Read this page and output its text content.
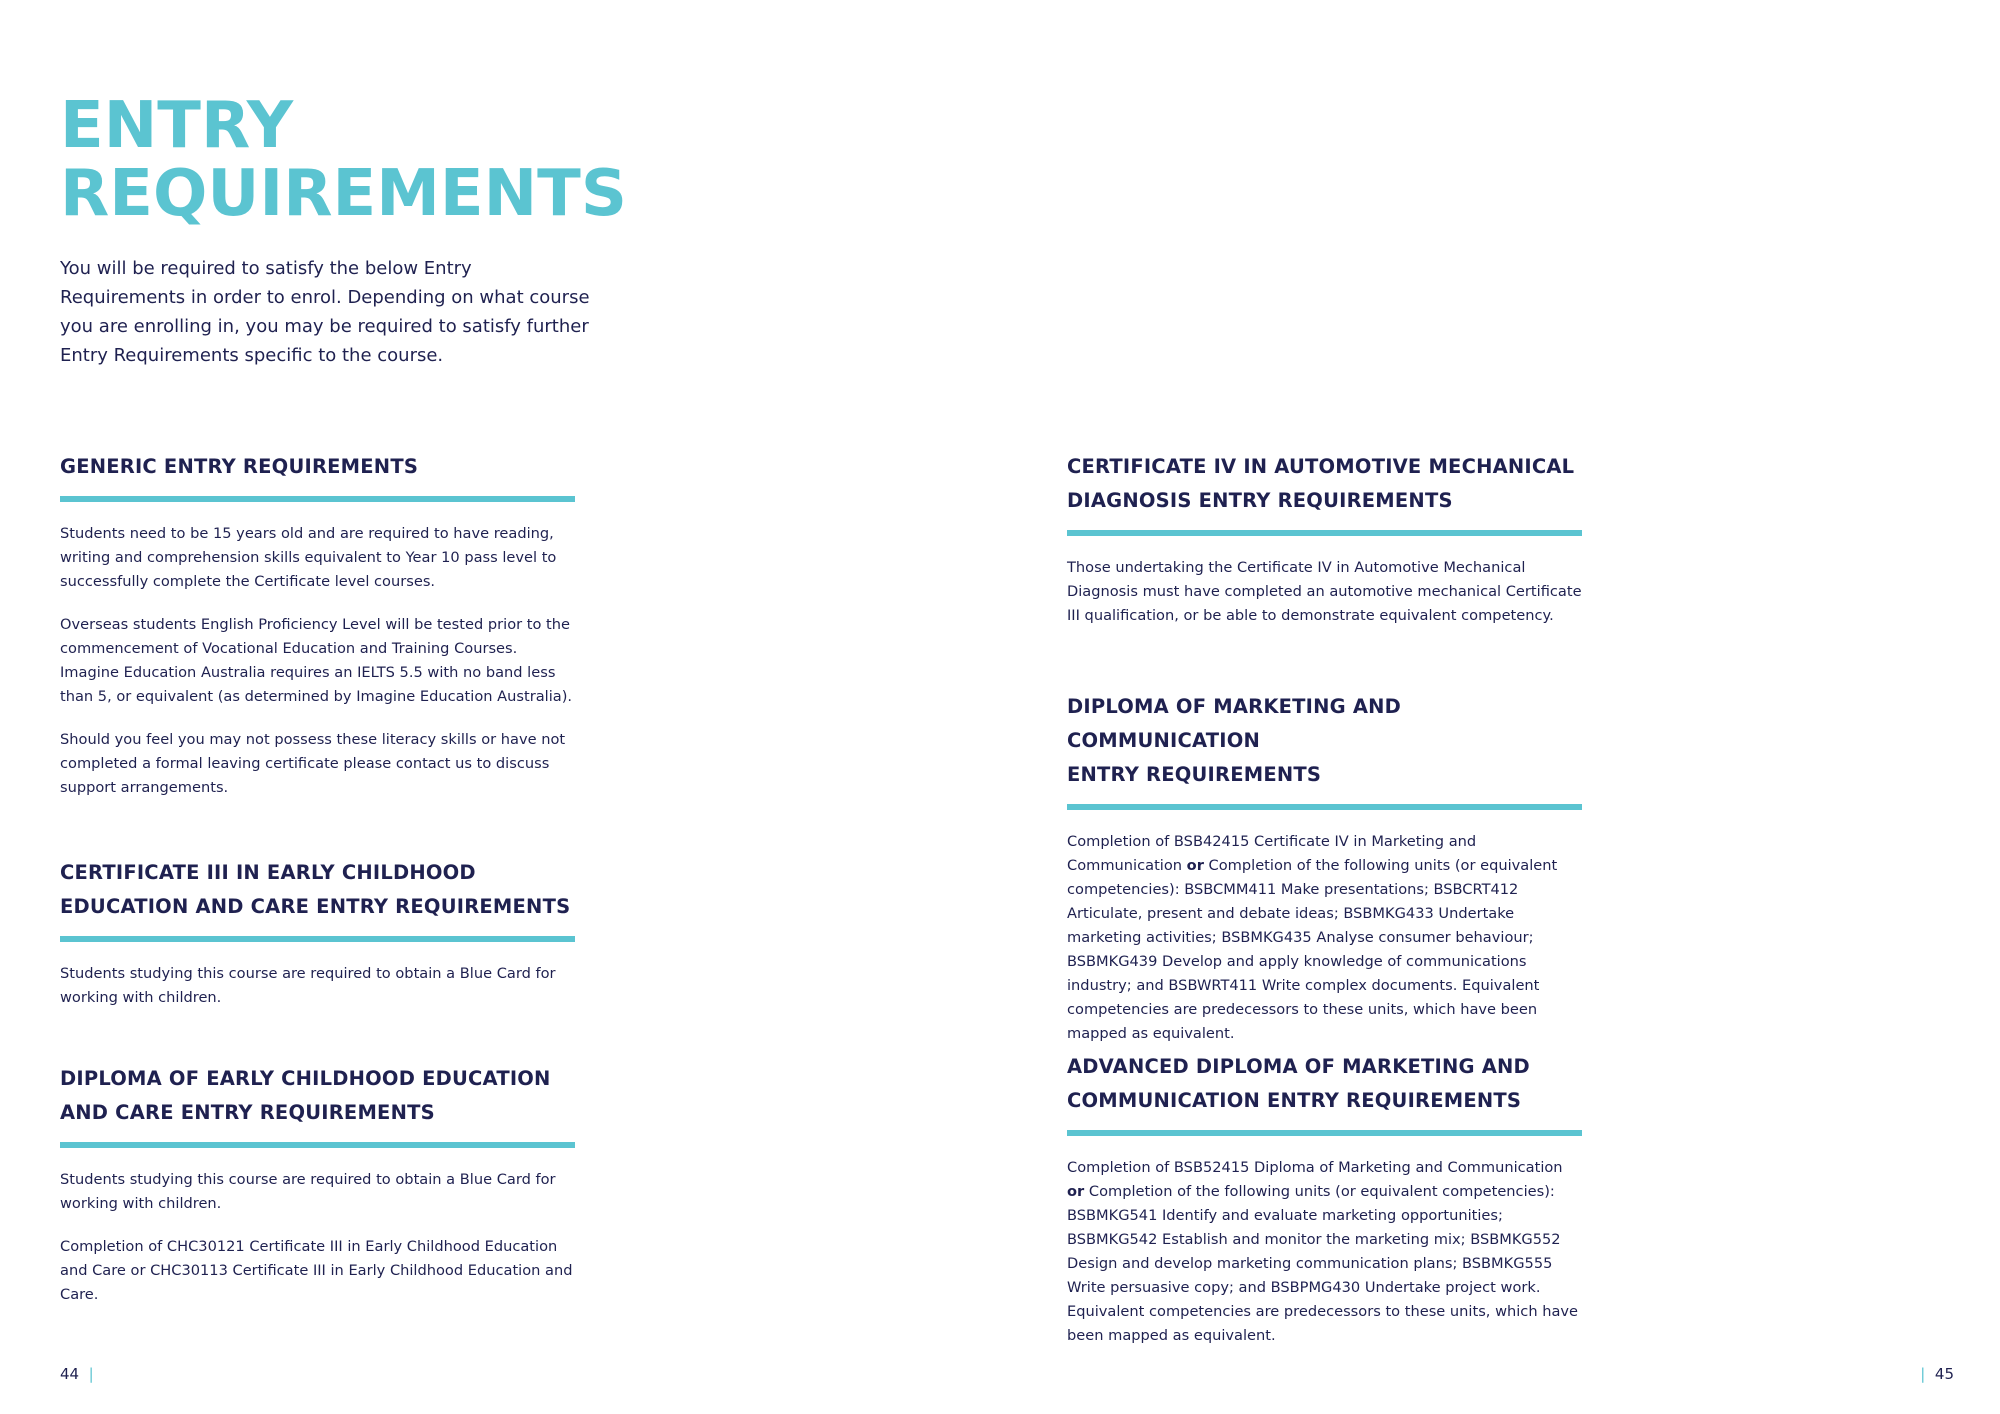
ENTRY
REQUIREMENTS

You will be required to satisfy the below Entry Requirements in order to enrol. Depending on what course you are enrolling in, you may be required to satisfy further Entry Requirements specific to the course.

GENERIC ENTRY REQUIREMENTS

Students need to be 15 years old and are required to have reading, writing and comprehension skills equivalent to Year 10 pass level to successfully complete the Certificate level courses.

Overseas students English Proficiency Level will be tested prior to the commencement of Vocational Education and Training Courses. Imagine Education Australia requires an IELTS 5.5 with no band less than 5, or equivalent (as determined by Imagine Education Australia).

Should you feel you may not possess these literacy skills or have not completed a formal leaving certificate please contact us to discuss support arrangements.

CERTIFICATE III IN EARLY CHILDHOOD
EDUCATION AND CARE ENTRY REQUIREMENTS

Students studying this course are required to obtain a Blue Card for working with children.

DIPLOMA OF EARLY CHILDHOOD EDUCATION
AND CARE ENTRY REQUIREMENTS

Students studying this course are required to obtain a Blue Card for working with children.

Completion of CHC30121 Certificate III in Early Childhood Education and Care or CHC30113 Certificate III in Early Childhood Education and Care.

CERTIFICATE IV IN AUTOMOTIVE MECHANICAL
DIAGNOSIS ENTRY REQUIREMENTS

Those undertaking the Certificate IV in Automotive Mechanical Diagnosis must have completed an automotive mechanical Certificate III qualification, or be able to demonstrate equivalent competency.

DIPLOMA OF MARKETING AND COMMUNICATION
ENTRY REQUIREMENTS

Completion of BSB42415 Certificate IV in Marketing and Communication or Completion of the following units (or equivalent competencies): BSBCMM411 Make presentations; BSBCRT412 Articulate, present and debate ideas; BSBMKG433 Undertake marketing activities; BSBMKG435 Analyse consumer behaviour; BSBMKG439 Develop and apply knowledge of communications industry; and BSBWRT411 Write complex documents. Equivalent competencies are predecessors to these units, which have been mapped as equivalent.

ADVANCED DIPLOMA OF MARKETING AND
COMMUNICATION ENTRY REQUIREMENTS

Completion of BSB52415 Diploma of Marketing and Communication or Completion of the following units (or equivalent competencies): BSBMKG541 Identify and evaluate marketing opportunities; BSBMKG542 Establish and monitor the marketing mix; BSBMKG552 Design and develop marketing communication plans; BSBMKG555 Write persuasive copy; and BSBPMG430 Undertake project work. Equivalent competencies are predecessors to these units, which have been mapped as equivalent.

44 |	| 45
